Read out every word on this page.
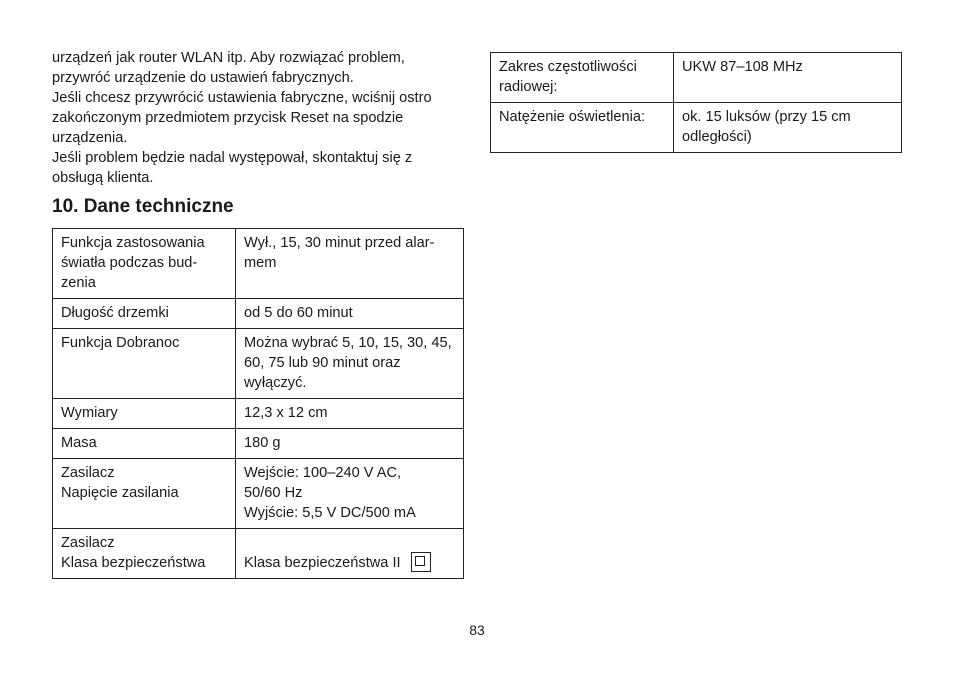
urządzeń jak router WLAN itp. Aby rozwiązać problem, przywróć urządzenie do ustawień fabrycznych.

Jeśli chcesz przywrócić ustawienia fabryczne, wciśnij ostro zakończonym przedmiotem przycisk Reset na spodzie urządzenia.

Jeśli problem będzie nadal występował, skontaktuj się z obsługą klienta.

10. Dane techniczne
Funkcja zastosowania światła podczas bud- zenia	Wył., 15, 30 minut przed alar- mem
Długość drzemki	od 5 do 60 minut
Funkcja Dobranoc	Można wybrać 5, 10, 15, 30, 45, 60, 75 lub 90 minut oraz wyłączyć.
Wymiary	12,3 x 12 cm
Masa	180 g

Zasilacz
Napięcie zasilania	Wejście: 100–240 V AC,
50/60 Hz
Wyjście: 5,5 V DC/500 mA

Zasilacz
Klasa bezpieczeństwa	Klasa bezpieczeństwa II
Zakres częstotliwości radiowej:	UKW 87–108 MHz
Natężenie oświetlenia:	ok. 15 luksów (przy 15 cm odległości)
83
